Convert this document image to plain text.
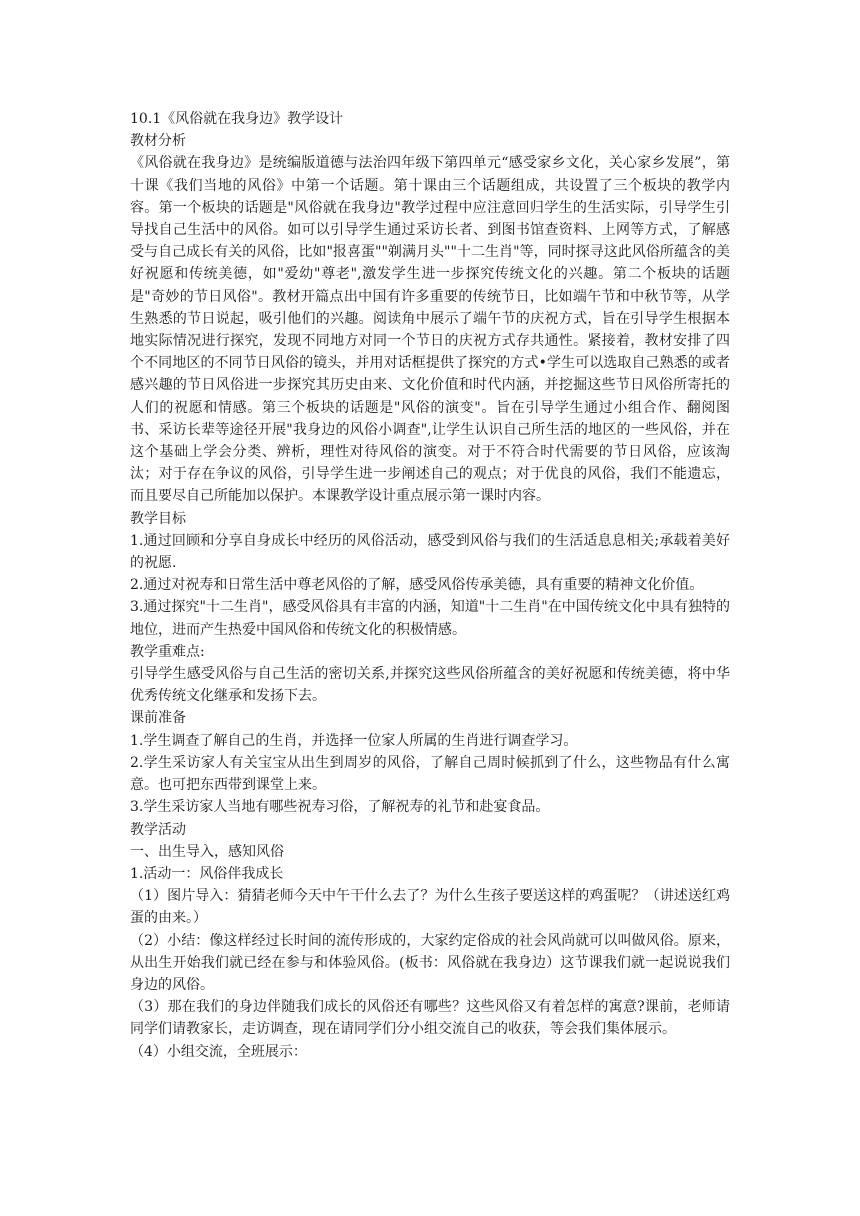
10.1《风俗就在我身边》教学设计

教材分析

《风俗就在我身边》是统编版道德与法治四年级下第四单元“感受家乡文化，关心家乡发展”，第十课《我们当地的风俗》中第一个话题。第十课由三个话题组成，共设置了三个板块的教学内容。第一个板块的话题是"风俗就在我身边"教学过程中应注意回归学生的生活实际，引导学生引导找自己生活中的风俗。如可以引导学生通过采访长者、到图书馆查资料、上网等方式，了解感受与自己成长有关的风俗，比如"报喜蛋""剃满月头""十二生肖"等，同时探寻这此风俗所蕴含的美好祝愿和传统美德，如"爱幼"尊老",激发学生进一步探究传统文化的兴趣。第二个板块的话题是"奇妙的节日风俗"。教材开篇点出中国有许多重要的传统节日，比如端午节和中秋节等，从学生熟悉的节日说起，吸引他们的兴趣。阅读角中展示了端午节的庆祝方式，旨在引导学生根据本地实际情况进行探究，发现不同地方对同一个节日的庆祝方式存共通性。紧接着，教材安排了四个不同地区的不同节日风俗的镜头，并用对话框提供了探究的方式•学生可以选取自己熟悉的或者感兴趣的节日风俗进一步探究其历史由来、文化价值和时代内涵，并挖掘这些节日风俗所寄托的人们的祝愿和情感。第三个板块的话题是"风俗的演变"。旨在引导学生通过小组合作、翻阅图书、采访长辈等途径开展"我身边的风俗小调查",让学生认识自己所生活的地区的一些风俗，并在这个基础上学会分类、辨析，理性对待风俗的演变。对于不符合时代需要的节日风俗，应该淘汰；对于存在争议的风俗，引导学生进一步阐述自己的观点；对于优良的风俗，我们不能遗忘，而且要尽自己所能加以保护。本课教学设计重点展示第一课时内容。

教学目标

1.通过回顾和分享自身成长中经历的风俗活动，感受到风俗与我们的生活适息息相关;承载着美好的祝愿.

2.通过对祝寿和日常生活中尊老风俗的了解，感受风俗传承美德，具有重要的精神文化价值。

3.通过探究"十二生肖"，感受风俗具有丰富的内涵，知道"十二生肖"在中国传统文化中具有独特的地位，进而产生热爱中国风俗和传统文化的积极情感。

教学重难点:

引导学生感受风俗与自己生活的密切关系,并探究这些风俗所蕴含的美好祝愿和传统美德，将中华优秀传统文化继承和发扬下去。

课前准备

1.学生调查了解自己的生肖，并选择一位家人所属的生肖进行调查学习。

2.学生采访家人有关宝宝从出生到周岁的风俗，了解自己周时候抓到了什么，这些物品有什么寓意。也可把东西带到课堂上来。

3.学生采访家人当地有哪些祝寿习俗，了解祝寿的礼节和赴宴食品。

教学活动

一、出生导入，感知风俗

1.活动一：风俗伴我成长

（1）图片导入：猜猜老师今天中午干什么去了？为什么生孩子要送这样的鸡蛋呢？（讲述送红鸡蛋的由来。）

（2）小结：像这样经过长时间的流传形成的，大家约定俗成的社会风尚就可以叫做风俗。原来，从出生开始我们就已经在参与和体验风俗。(板书：风俗就在我身边）这节课我们就一起说说我们身边的风俗。

（3）那在我们的身边伴随我们成长的风俗还有哪些？这些风俗又有着怎样的寓意?课前，老师请同学们请教家长，走访调查，现在请同学们分小组交流自己的收获，等会我们集体展示。

（4）小组交流，全班展示：
